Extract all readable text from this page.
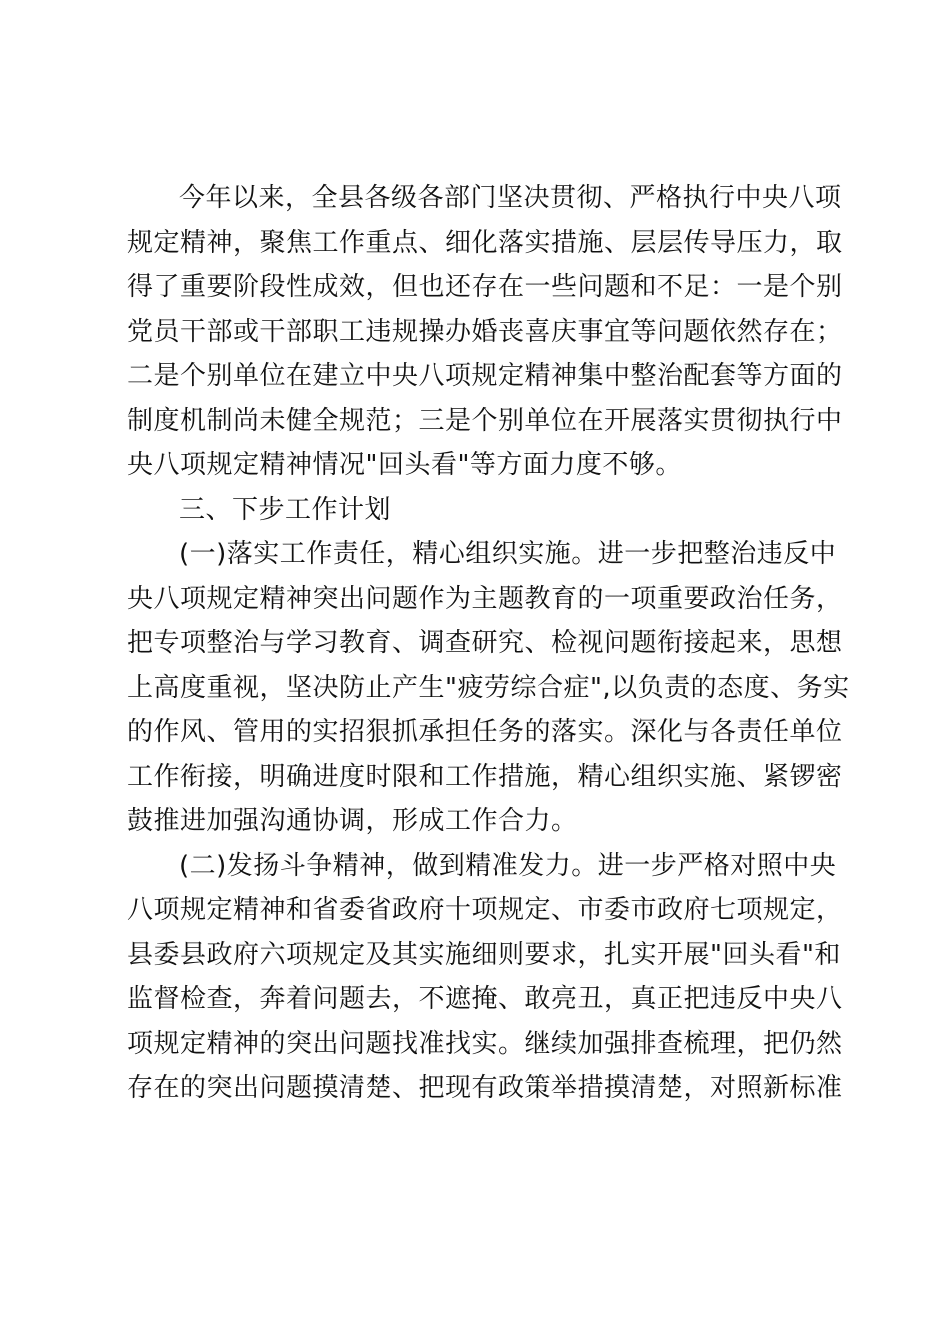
今年以来，全县各级各部门坚决贯彻、严格执行中央八项
规定精神，聚焦工作重点、细化落实措施、层层传导压力，取
得了重要阶段性成效，但也还存在一些问题和不足：一是个别
党员干部或干部职工违规操办婚丧喜庆事宜等问题依然存在；
二是个别单位在建立中央八项规定精神集中整治配套等方面的
制度机制尚未健全规范；三是个别单位在开展落实贯彻执行中
央八项规定精神情况"回头看"等方面力度不够。
三、下步工作计划
(一)落实工作责任，精心组织实施。进一步把整治违反中
央八项规定精神突出问题作为主题教育的一项重要政治任务，
把专项整治与学习教育、调查研究、检视问题衔接起来，思想
上高度重视，坚决防止产生"疲劳综合症",以负责的态度、务实
的作风、管用的实招狠抓承担任务的落实。深化与各责任单位
工作衔接，明确进度时限和工作措施，精心组织实施、紧锣密
鼓推进加强沟通协调，形成工作合力。
(二)发扬斗争精神，做到精准发力。进一步严格对照中央
八项规定精神和省委省政府十项规定、市委市政府七项规定，
县委县政府六项规定及其实施细则要求，扎实开展"回头看"和
监督检查，奔着问题去，不遮掩、敢亮丑，真正把违反中央八
项规定精神的突出问题找准找实。继续加强排查梳理，把仍然
存在的突出问题摸清楚、把现有政策举措摸清楚，对照新标准
